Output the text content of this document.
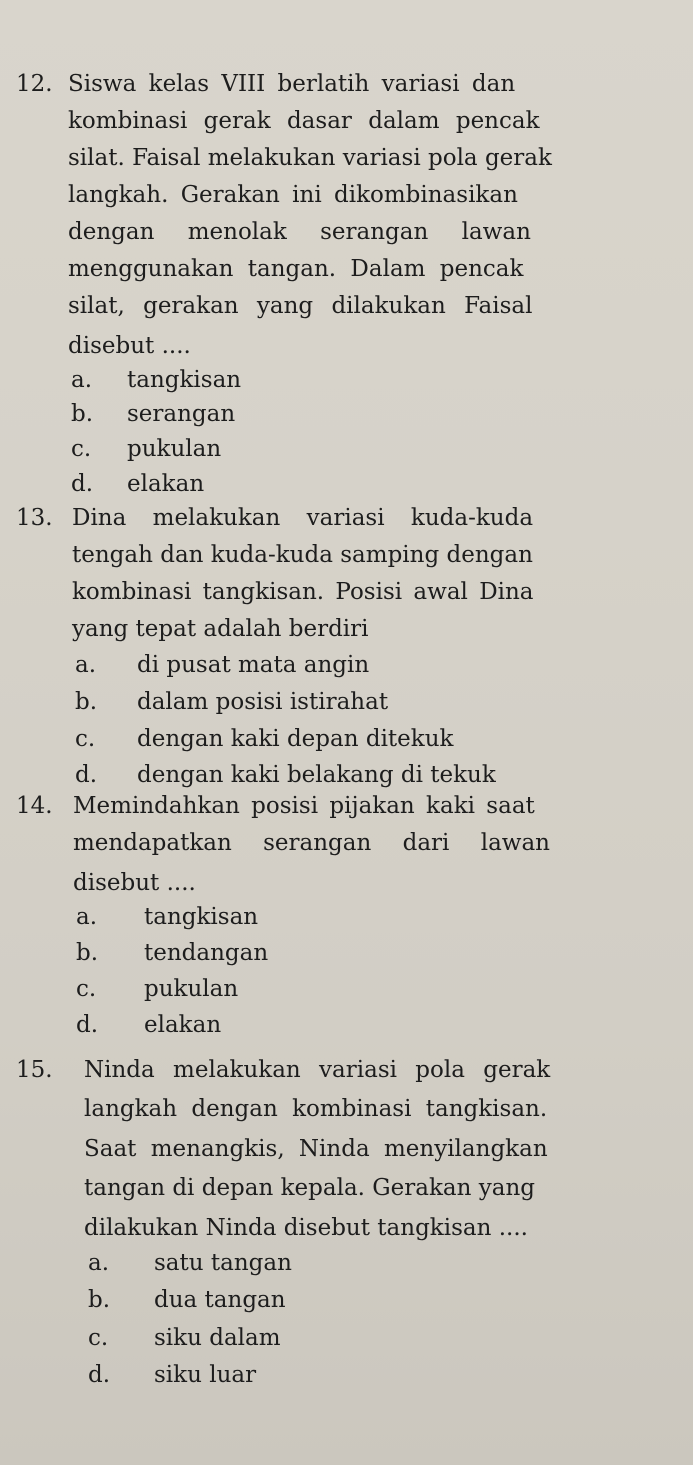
12. Siswa kelas VIII berlatih variasi dan
kombinasi gerak dasar dalam pencak
silat. Faisal melakukan variasi pola gerak
langkah. Gerakan ini dikombinasikan
dengan menolak serangan lawan
menggunakan tangan. Dalam pencak
silat, gerakan yang dilakukan Faisal
disebut ....
a. tangkisan
b. serangan
c. pukulan
d. elakan
13. Dina melakukan variasi kuda-kuda
tengah dan kuda-kuda samping dengan
kombinasi tangkisan. Posisi awal Dina
yang tepat adalah berdiri
a. di pusat mata angin
b. dalam posisi istirahat
c. dengan kaki depan ditekuk
d. dengan kaki belakang di tekuk
14. Memindahkan posisi pijakan kaki saat
mendapatkan serangan dari lawan
disebut ....
a. tangkisan
b. tendangan
c. pukulan
d. elakan
15. Ninda melakukan variasi pola gerak
langkah dengan kombinasi tangkisan.
Saat menangkis, Ninda menyilangkan
tangan di depan kepala. Gerakan yang
dilakukan Ninda disebut tangkisan ....
a. satu tangan
b. dua tangan
c. siku dalam
d. siku luar
